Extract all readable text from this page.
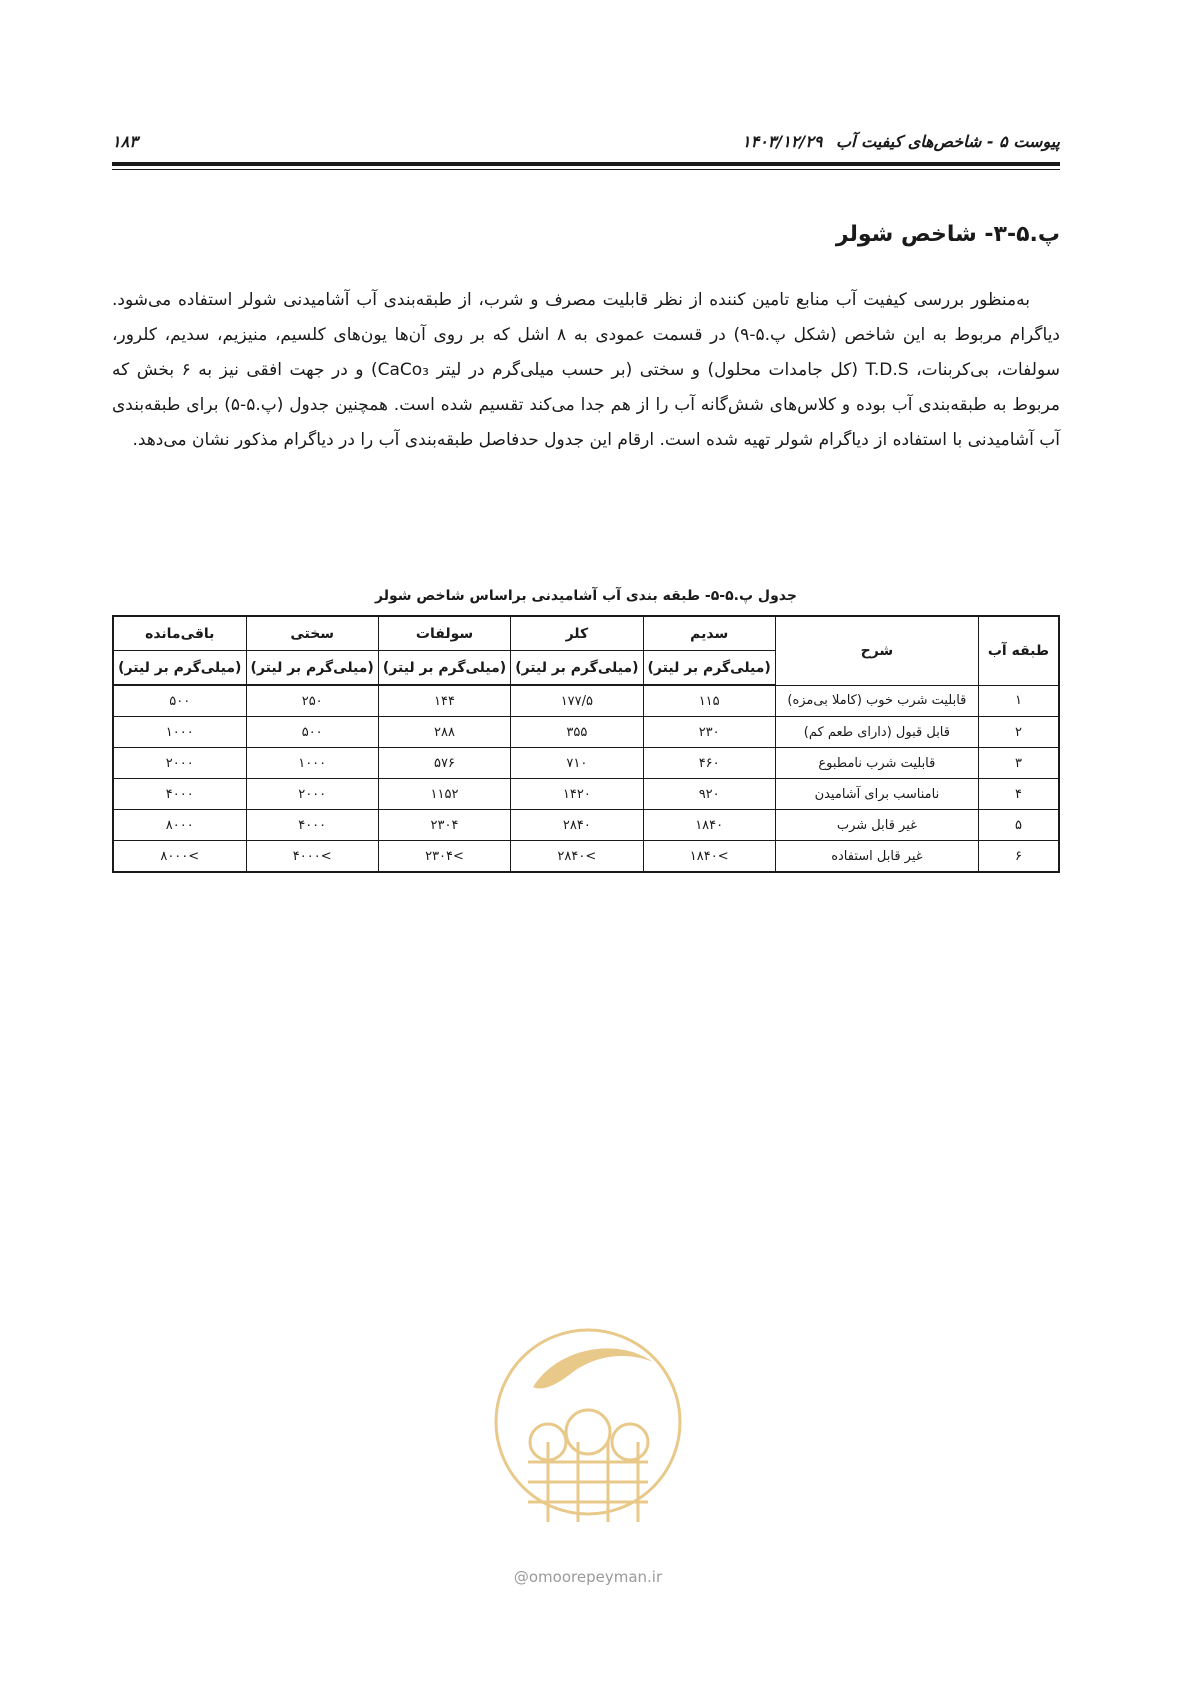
پیوست ۵ - شاخص‌های کیفیت آب
۱۴۰۳/۱۲/۲۹
۱۸۳
پ.۵-۳- شاخص شولر

به‌منظور بررسی کیفیت آب منابع تامین کننده از نظر قابلیت مصرف و شرب، از طبقه‌بندی آب آشامیدنی شولر استفاده می‌شود. دیاگرام مربوط به این شاخص (شکل پ.۵-۹) در قسمت عمودی به ۸ اشل که بر روی آن‌ها یون‌های کلسیم، منیزیم، سدیم، کلرور، سولفات، بی‌کربنات، T.D.S (کل جامدات محلول) و سختی (بر حسب میلی‌گرم در لیتر CaCo₃) و در جهت افقی نیز به ۶ بخش که مربوط به طبقه‌بندی آب بوده و کلاس‌های شش‌گانه آب را از هم جدا می‌کند تقسیم شده است. همچنین جدول (پ.۵-۵) برای طبقه‌بندی آب آشامیدنی با استفاده از دیاگرام شولر تهیه شده است. ارقام این جدول حدفاصل طبقه‌بندی آب را در دیاگرام مذکور نشان می‌دهد.

جدول پ.۵-۵- طبقه بندی آب آشامیدنی براساس شاخص شولر
طبقه آب	شرح	سدیم	کلر	سولفات	سختی	باقی‌مانده
		(میلی‌گرم بر لیتر)	(میلی‌گرم بر لیتر)	(میلی‌گرم بر لیتر)	(میلی‌گرم بر لیتر)	(میلی‌گرم بر لیتر)
۱	قابلیت شرب خوب (کاملا بی‌مزه)	۱۱۵	۱۷۷/۵	۱۴۴	۲۵۰	۵۰۰
۲	قابل قبول (دارای طعم کم)	۲۳۰	۳۵۵	۲۸۸	۵۰۰	۱۰۰۰
۳	قابلیت شرب نامطبوع	۴۶۰	۷۱۰	۵۷۶	۱۰۰۰	۲۰۰۰
۴	نامناسب برای آشامیدن	۹۲۰	۱۴۲۰	۱۱۵۲	۲۰۰۰	۴۰۰۰
۵	غیر قابل شرب	۱۸۴۰	۲۸۴۰	۲۳۰۴	۴۰۰۰	۸۰۰۰
۶	غیر قابل استفاده	>۱۸۴۰	>۲۸۴۰	>۲۳۰۴	>۴۰۰۰	>۸۰۰۰
@omoorepeyman.ir
